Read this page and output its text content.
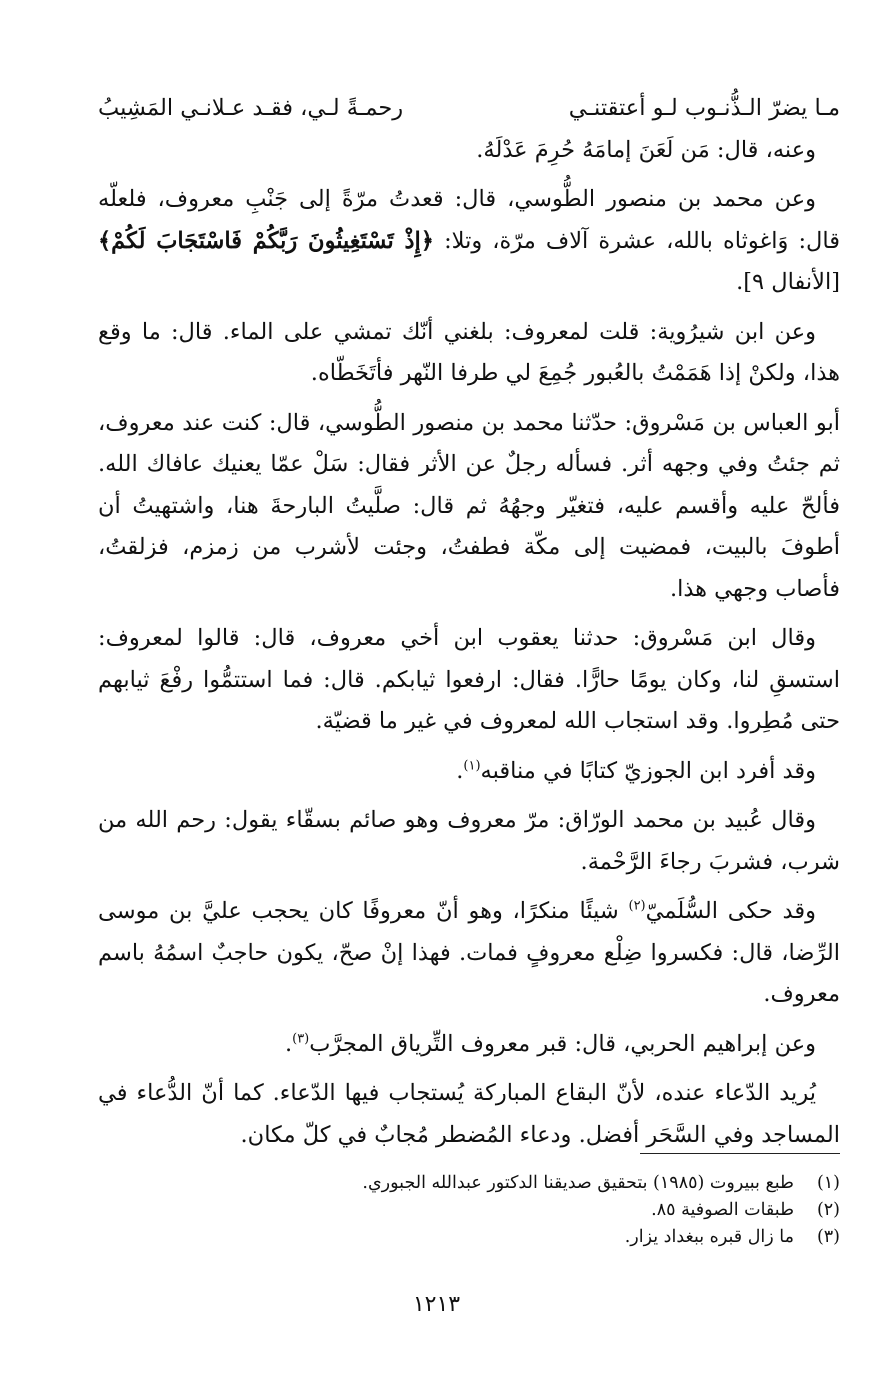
مـا يضرّ الـذُّنـوب لـو أعتقتنـي
رحمـةً لـي، فقـد عـلانـي المَشِيبُ

وعنه، قال: مَن لَعَنَ إمامَهُ حُرِمَ عَدْلَهُ.

وعن محمد بن منصور الطُّوسي، قال: قعدتُ مرّةً إلى جَنْبِ معروف، فلعلّه قال: وَاغوثاه بالله، عشرة آلاف مرّة، وتلا: ﴿إِذْ تَسْتَغِيثُونَ رَبَّكُمْ فَاسْتَجَابَ لَكُمْ﴾ [الأنفال ٩].

وعن ابن شيرُوية: قلت لمعروف: بلغني أنّك تمشي على الماء. قال: ما وقع هذا، ولكنْ إذا هَمَمْتُ بالعُبور جُمِعَ لي طرفا النّهر فأتَخَطّاه.

أبو العباس بن مَسْروق: حدّثنا محمد بن منصور الطُّوسي، قال: كنت عند معروف، ثم جئتُ وفي وجهه أثر. فسأله رجلٌ عن الأثر فقال: سَلْ عمّا يعنيك عافاك الله. فألحّ عليه وأقسم عليه، فتغيّر وجهُهُ ثم قال: صلَّيتُ البارحةَ هنا، واشتهيتُ أن أطوفَ بالبيت، فمضيت إلى مكّة فطفتُ، وجئت لأشرب من زمزم، فزلقتُ، فأصاب وجهي هذا.

وقال ابن مَسْروق: حدثنا يعقوب ابن أخي معروف، قال: قالوا لمعروف: استسقِ لنا، وكان يومًا حارًّا. فقال: ارفعوا ثيابكم. قال: فما استتمُّوا رفْعَ ثيابهم حتى مُطِروا. وقد استجاب الله لمعروف في غير ما قضيّة.

وقد أفرد ابن الجوزيّ كتابًا في مناقبه$^{(١)}$.

وقال عُبيد بن محمد الورّاق: مرّ معروف وهو صائم بسقّاء يقول: رحم الله من شرب، فشربَ رجاءَ الرَّحْمة.

وقد حكى السُّلَميّ$^{(٢)}$ شيئًا منكرًا، وهو أنّ معروفًا كان يحجب عليَّ بن موسى الرِّضا، قال: فكسروا ضِلْع معروفٍ فمات. فهذا إنْ صحّ، يكون حاجبٌ اسمُهُ باسم معروف.

وعن إبراهيم الحربي، قال: قبر معروف التِّرياق المجرَّب$^{(٣)}$.

يُريد الدّعاء عنده، لأنّ البقاع المباركة يُستجاب فيها الدّعاء. كما أنّ الدُّعاء في المساجد وفي السَّحَر أفضل. ودعاء المُضطر مُجابٌ في كلّ مكان.

(١)
طبع ببيروت (١٩٨٥) بتحقيق صديقنا الدكتور عبدالله الجبوري.
(٢)
طبقات الصوفية ٨٥.
(٣)
ما زال قبره ببغداد يزار.
١٢١٣
